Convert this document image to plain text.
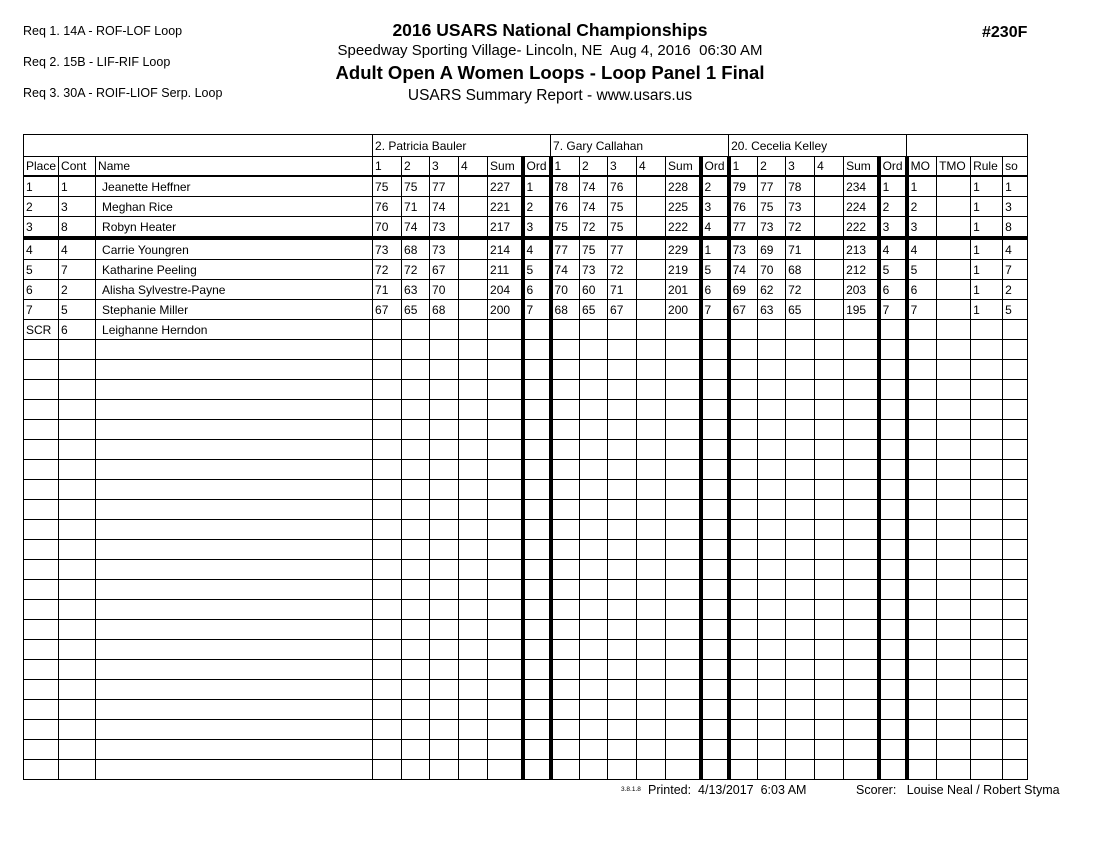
Req 1. 14A - ROF-LOF Loop

Req 2. 15B - LIF-RIF Loop

Req 3. 30A - ROIF-LIOF Serp. Loop
2016 USARS National Championships
Speedway Sporting Village- Lincoln, NE  Aug 4, 2016  06:30 AM
Adult Open A Women Loops - Loop Panel 1 Final
USARS Summary Report - www.usars.us
#230F
			2. Patricia Bauler						7. Gary Callahan						20. Cecelia Kelley									
Place	Cont	Name	1	2	3	4	Sum	Ord	1	2	3	4	Sum	Ord	1	2	3	4	Sum	Ord	MO	TMO	Rule	so
1	1	Jeanette Heffner	75	75	77		227	1	78	74	76		228	2	79	77	78		234	1	1		1	1
2	3	Meghan Rice	76	71	74		221	2	76	74	75		225	3	76	75	73		224	2	2		1	3
3	8	Robyn Heater	70	74	73		217	3	75	72	75		222	4	77	73	72		222	3	3		1	8
4	4	Carrie Youngren	73	68	73		214	4	77	75	77		229	1	73	69	71		213	4	4		1	4
5	7	Katharine Peeling	72	72	67		211	5	74	73	72		219	5	74	70	68		212	5	5		1	7
6	2	Alisha Sylvestre-Payne	71	63	70		204	6	70	60	71		201	6	69	62	72		203	6	6		1	2
7	5	Stephanie Miller	67	65	68		200	7	68	65	67		200	7	67	63	65		195	7	7		1	5
SCR	6	Leighanne Herndon																						

3.8.1.8 Printed:  4/13/2017  6:03 AM	Scorer:   Louise Neal / Robert Styma
